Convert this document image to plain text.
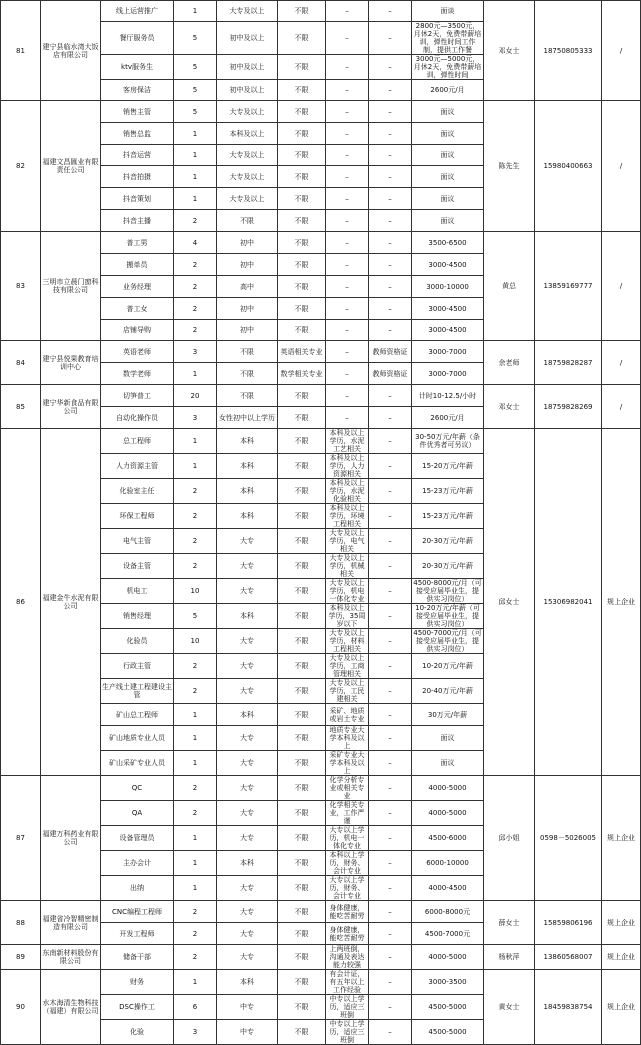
81	建宁县临水湾大饭店有限公司	线上运营推广	1	大专及以上	不限	–	–	面谈	邓女士	18750805333	/	
		餐厅服务员	5	初中及以上	不限	–	–	2800元—3500元，月休2天，免费带薪培训，弹性时间工作制，提供工作餐				
		ktv服务生	5	初中及以上	不限	–	–	3000元—5000元，月休2天，免费带薪培训，弹性时间				
		客房保洁	5	初中及以上	不限	–	–	2600元/月				
82	福建文昌匯业有限责任公司	销售主管	5	大专及以上	不限	–	–	面议	陈先生	15980400663	/	
		销售总监	1	本科及以上	不限	–	–	面议				
		抖音运营	1	大专及以上	不限	–	–	面议				
		抖音拍摄	1	大专及以上	不限	–	–	面议				
		抖音策划	1	大专及以上	不限	–	–	面议				
		抖音主播	2	不限	不限	–	–	面议				
83	三明市立晨门窗科技有限公司	普工男	4	初中	不限	–	–	3500-6500	黄总	13859169777	/	
		搬单员	2	初中	不限	–	–	3000-4500				
		业务经理	2	高中	不限	–	–	3000-10000				
		普工女	2	初中	不限	–	–	3000-4500				
		店铺导购	2	初中	不限	–	–	3000-4500				
84	建宁县悦果教育培训中心	英语老师	3	不限	英语相关专业	–	教师资格证	3000-7000	余老师	18759828287	/	
		数学老师	1	不限	数学相关专业	–	教师资格证	3000-7000				
85	建宁华新食品有限公司	切笋普工	20	不限	不限	–	–	计时10-12.5/小时	邓女士	18759828269	/	
		自动化操作员	3	女性初中以上学历	不限	–	–	2600元/月				
86	福建金牛水泥有限公司	总工程师	1	本科	不限	本科及以上学历，水泥工艺相关	–	30-50万元/年薪（条件优秀者可另议）	邱女士	15306982041	规上企业	
		人力资源主管	1	本科	不限	本科及以上学历，人力资源相关	–	15-20万元/年薪				
		化验室主任	2	本科	不限	本科及以上学历，水泥化验相关	–	15-23万元/年薪				
		环保工程师	2	本科	不限	本科及以上学历，环境工程相关	–	15-23万元/年薪				
		电气主管	2	大专	不限	大专及以上学历，电气相关	–	20-30万元/年薪				
		设备主管	2	大专	不限	大专及以上学历，机械相关	–	20-30万元/年薪				
		机电工	10	大专	不限	大专及以上学历，机电一体化专业	–	4500-8000元/月（可接受应届毕业生，提供实习岗位）				
		销售经理	5	本科	不限	本科及以上学历，35周岁以下	–	10-20万元/年薪（可接受应届毕业生，提供实习岗位）				
		化验员	10	大专	不限	大专及以上学历，材料工程相关	–	4500-7000元/月（可接受应届毕业生，提供实习岗位）				
		行政主管	2	大专	不限	大专及以上学历，工商管理相关	–	10-20万元/年薪				
		生产线土建工程建设主管	2	大专	不限	大专及以上学历，工民建相关	–	20-40万元/年薪				
		矿山总工程师	1	本科	不限	采矿、地质或岩土专业	–	30万元/年薪				
		矿山地质专业人员	1	大专	不限	地质专业大学本科及以上	–	面议				
		矿山采矿专业人员	1	大专	不限	采矿专业大学本科及以上	–	面议				
87	福建万科药业有限公司	QC	2	大专	不限	化学分析专业或相关专业	–	4000-5000	邱小姐	0598－5026005	规上企业	
		QA	2	大专	不限	化学相关专业，工作严谨	–	4000-5000				
		设备管理员	1	大专	不限	大专以上学历，机电一体化专业	–	4500-6000				
		主办会计	1	本科	不限	本科以上学历，财务、会计专业	–	6000-10000				
		出纳	1	大专	不限	大专以上学历，财务、会计专业	–	4000-4500				
88	福建省冷智精密制造有限公司	CNC编程工程师	2	大专	不限	身体健康，能吃苦耐劳	–	6000-8000元	薛女士	15859806196	规上企业	
		开发工程师	2	大专	不限	身体健康，能吃苦耐劳	–	4500-7000元				
89	东南新材料股份有限公司	储备干部	2	大专	不限	上两班倒，沟通及表达能力较强	–	4000-5000	杨秋萍	13860568007	规上企业	
90	水木海清生物科技（福建）有限公司	财务	1	本科	不限	有会计证，有五年以上工作经验	–	3000-3500	黄女士	18459838754	规上企业	
		DSC操作工	6	中专	不限	中专以上学历，适应三班倒	–	4500-5000				
		化验	3	中专	不限	中专以上学历，适应三班倒	–	4500-5000				
